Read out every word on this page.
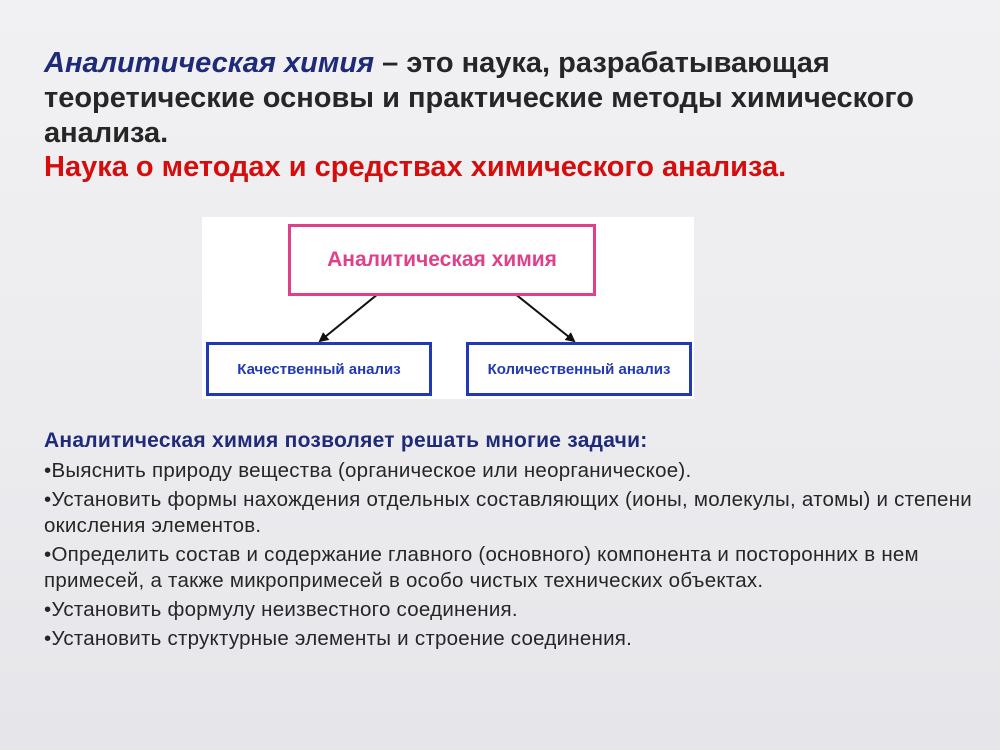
Аналитическая химия – это наука, разрабатывающая теоретические основы и практические методы химического анализа.
Наука о методах и средствах химического анализа.
Аналитическая химия
Качественный анализ	Количественный анализ
Аналитическая химия позволяет решать многие задачи:
• Выяснить природу вещества (органическое или неорганическое).
• Установить формы нахождения отдельных составляющих (ионы, молекулы, атомы) и степени окисления элементов.
• Определить состав и содержание главного (основного) компонента и посторонних в нем примесей, а также микропримесей в особо чистых технических объектах.
• Установить формулу неизвестного соединения.
• Установить структурные элементы и строение соединения.
